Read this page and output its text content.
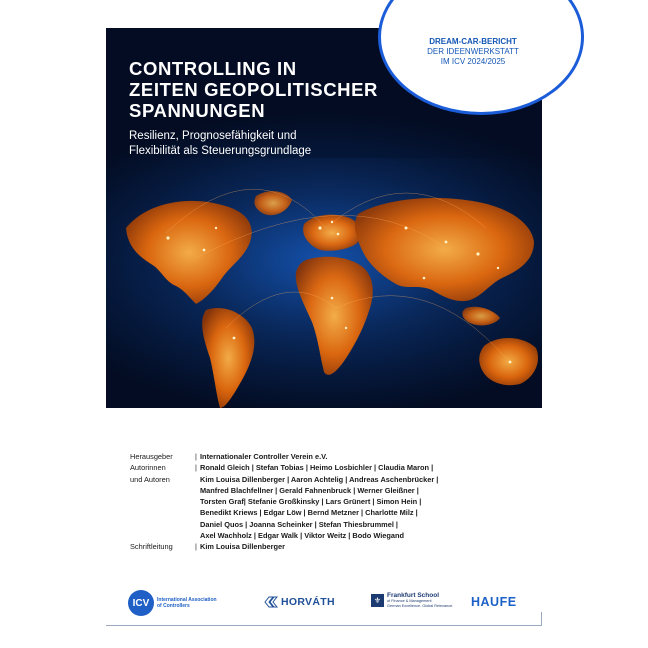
CONTROLLING IN
ZEITEN GEOPOLITISCHER
SPANNUNGEN

Resilienz, Prognosefähigkeit und
Flexibilität als Steuerungsgrundlage

DREAM-CAR-BERICHT
DER IDEENWERKSTATT
IM ICV 2024/2025
Herausgeber	| Internationaler Controller Verein e.V.
Autorinnen
und Autoren
| Ronald Gleich | Stefan Tobias | Heimo Losbichler | Claudia Maron |
Kim Louisa Dillenberger | Aaron Achtelig | Andreas Aschenbrücker |
Manfred Blachfellner | Gerald Fahnenbruck | Werner Gleißner |
Torsten Graf| Stefanie Großkinsky | Lars Grünert | Simon Hein |
Benedikt Kriews | Edgar Löw | Bernd Metzner | Charlotte Milz |
Daniel Quos | Joanna Scheinker | Stefan Thiesbrummel |
Axel Wachholz | Edgar Walk | Viktor Weitz | Bodo Wiegand
Schriftleitung	| Kim Louisa Dillenberger
ICV	International Association
of Controllers	HORVÁTH	⚜ Frankfurt School
of Finance & Management
German Excellence. Global Relevance. HAUFE
